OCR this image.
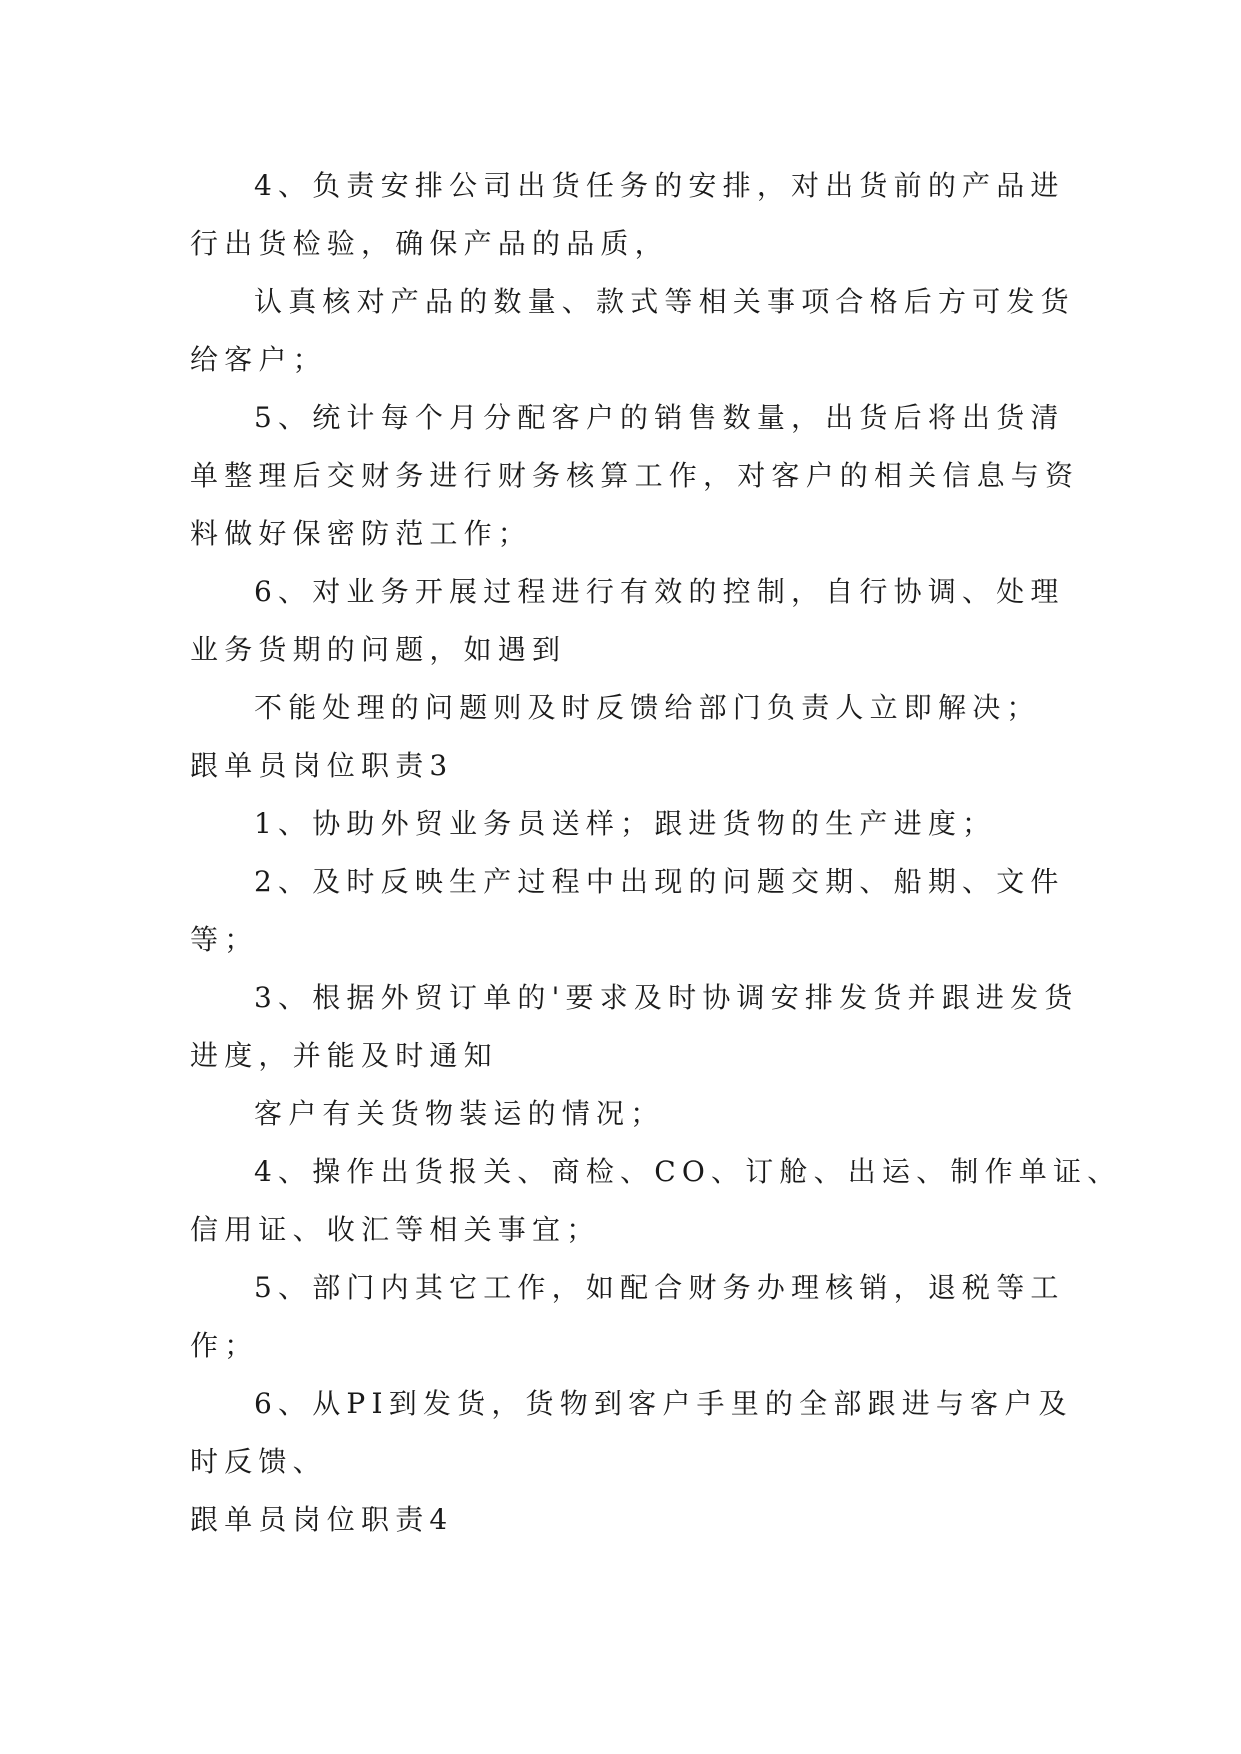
4、负责安排公司出货任务的安排，对出货前的产品进
行出货检验，确保产品的品质，
认真核对产品的数量、款式等相关事项合格后方可发货
给客户；
5、统计每个月分配客户的销售数量，出货后将出货清
单整理后交财务进行财务核算工作，对客户的相关信息与资
料做好保密防范工作；
6、对业务开展过程进行有效的控制，自行协调、处理
业务货期的问题，如遇到
不能处理的问题则及时反馈给部门负责人立即解决；
跟单员岗位职责3
1、协助外贸业务员送样；跟进货物的生产进度；
2、及时反映生产过程中出现的问题交期、船期、文件
等；
3、根据外贸订单的'要求及时协调安排发货并跟进发货
进度，并能及时通知
客户有关货物装运的情况；
4、操作出货报关、商检、CO、订舱、出运、制作单证、
信用证、收汇等相关事宜；
5、部门内其它工作，如配合财务办理核销，退税等工
作；
6、从PI到发货，货物到客户手里的全部跟进与客户及
时反馈、
跟单员岗位职责4
